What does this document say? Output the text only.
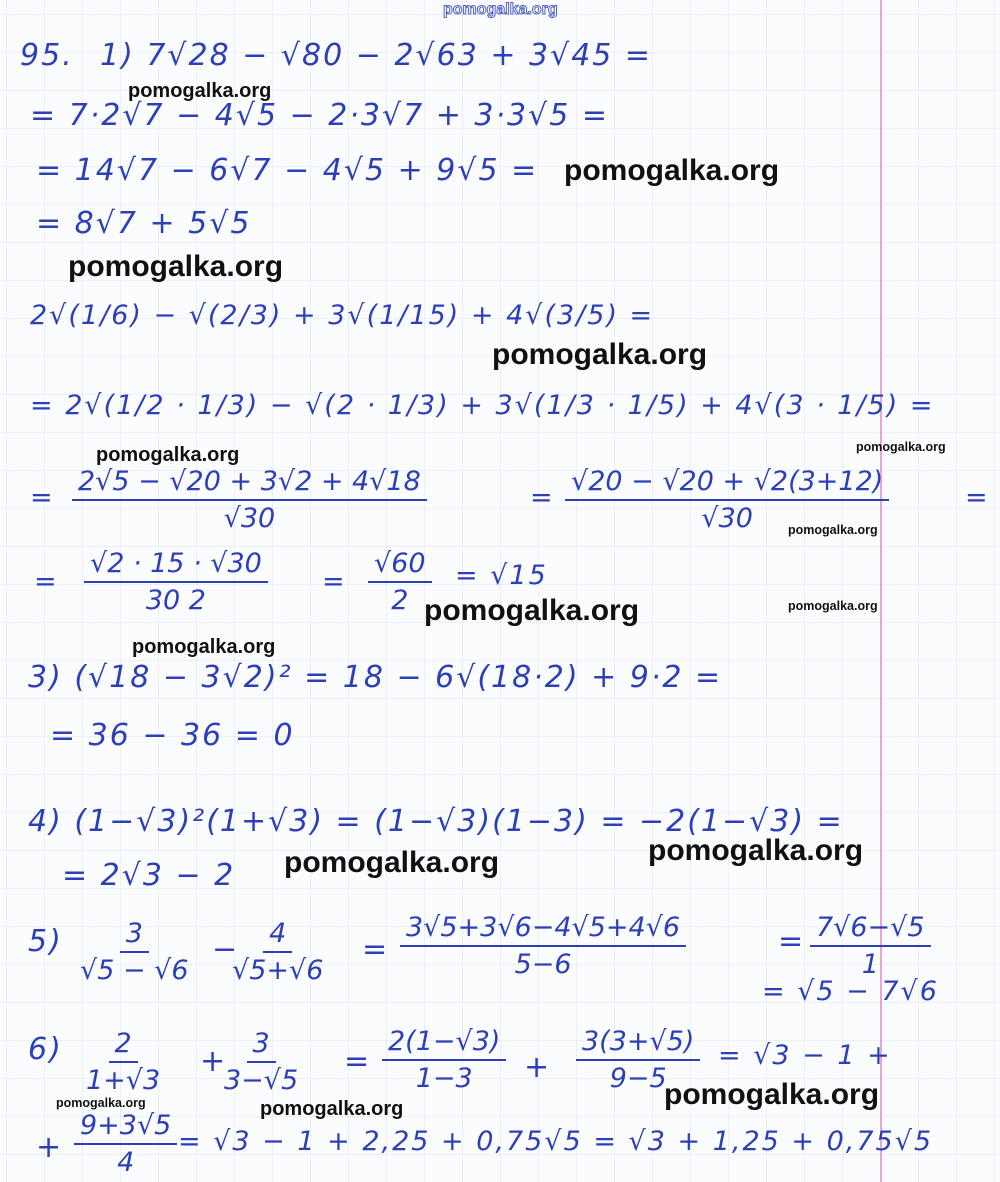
pomogalka.org
95. 1) 7√28 − √80 − 2√63 + 3√45 =
= 7·2√7 − 4√5 − 2·3√7 + 3·3√5 =
= 14√7 − 6√7 − 4√5 + 9√5 =
= 8√7 + 5√5
2√(1/6) − √(2/3) + 3√(1/15) + 4√(3/5) =
= 2√(1/2 · 1/3) − √(2 · 1/3) + 3√(1/3 · 1/5) + 4√(3 · 1/5) =
= $\frac{2√5 - √20 + 3√2 + 4√18}{√30}$	= $\frac{√20 - √20 + √2(3+12)}{√30}$	=
= $\frac{√2 \cdot 15 \cdot √30}{30 2} = \frac{√60}{2} = √15$
3) (√18 − 3√2)² = 18 − 6√(18·2) + 9·2 =
= 36 − 36 = 0
4) (1−√3)²(1+√3) = (1−√3)(1−3) = −2(1−√3) =
= 2√3 − 2
$5) \frac{3}{√5 - √6}$ −
$\frac{4}{√5+√6} = \frac{3√5+3√6-4√5+4√6}{5-6}$	= $\frac{7√6-√5}{1}$
= √5 − 7√6
$6) \frac{2}{1+√3}$ +
$\frac{3}{3-√5} = \frac{2(1-√3)}{1-3} + \frac{3(3+√5)}{9-5} = √3 - 1$ +
+ $\frac{9+3√5}{4} = √3 - 1 + 2,25 + 0,75√5 = √3 + 1,25 + 0,75√5$
pomogalka.org
pomogalka.org
pomogalka.org
pomogalka.org
pomogalka.org	pomogalka.org
pomogalka.org
pomogalka.org	pomogalka.org
pomogalka.org
pomogalka.org	pomogalka.org
pomogalka.org
pomogalka.org	pomogalka.org
